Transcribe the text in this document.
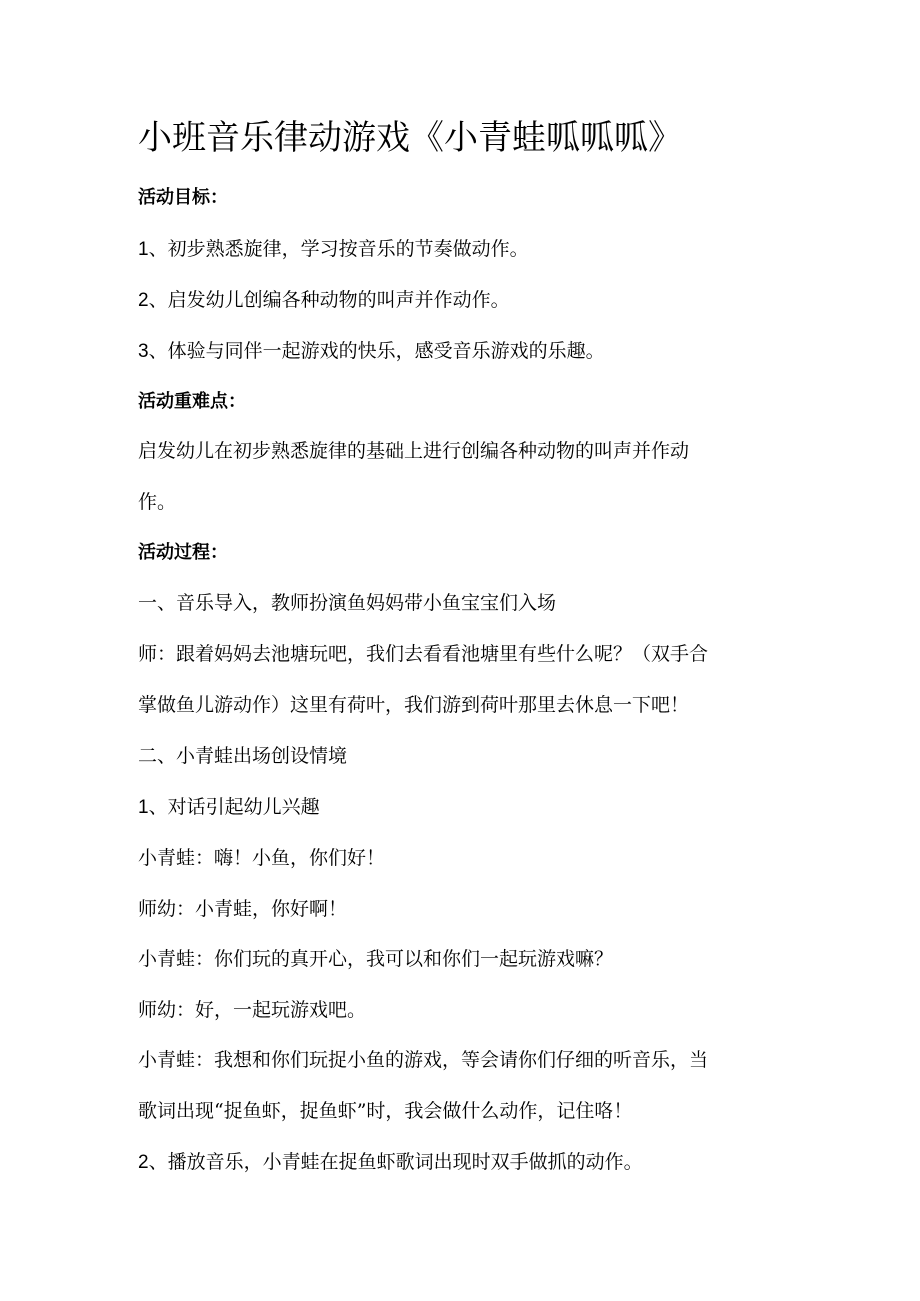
小班音乐律动游戏《小青蛙呱呱呱》
活动目标：
1、初步熟悉旋律，学习按音乐的节奏做动作。
2、启发幼儿创编各种动物的叫声并作动作。
3、体验与同伴一起游戏的快乐，感受音乐游戏的乐趣。
活动重难点：
启发幼儿在初步熟悉旋律的基础上进行创编各种动物的叫声并作动
作。
活动过程：
一、音乐导入，教师扮演鱼妈妈带小鱼宝宝们入场
师：跟着妈妈去池塘玩吧，我们去看看池塘里有些什么呢？（双手合
掌做鱼儿游动作）这里有荷叶，我们游到荷叶那里去休息一下吧！
二、小青蛙出场创设情境
1、对话引起幼儿兴趣
小青蛙：嗨！小鱼，你们好！
师幼：小青蛙，你好啊！
小青蛙：你们玩的真开心，我可以和你们一起玩游戏嘛？
师幼：好，一起玩游戏吧。
小青蛙：我想和你们玩捉小鱼的游戏，等会请你们仔细的听音乐，当
歌词出现“捉鱼虾，捉鱼虾”时，我会做什么动作，记住咯！
2、播放音乐，小青蛙在捉鱼虾歌词出现时双手做抓的动作。
